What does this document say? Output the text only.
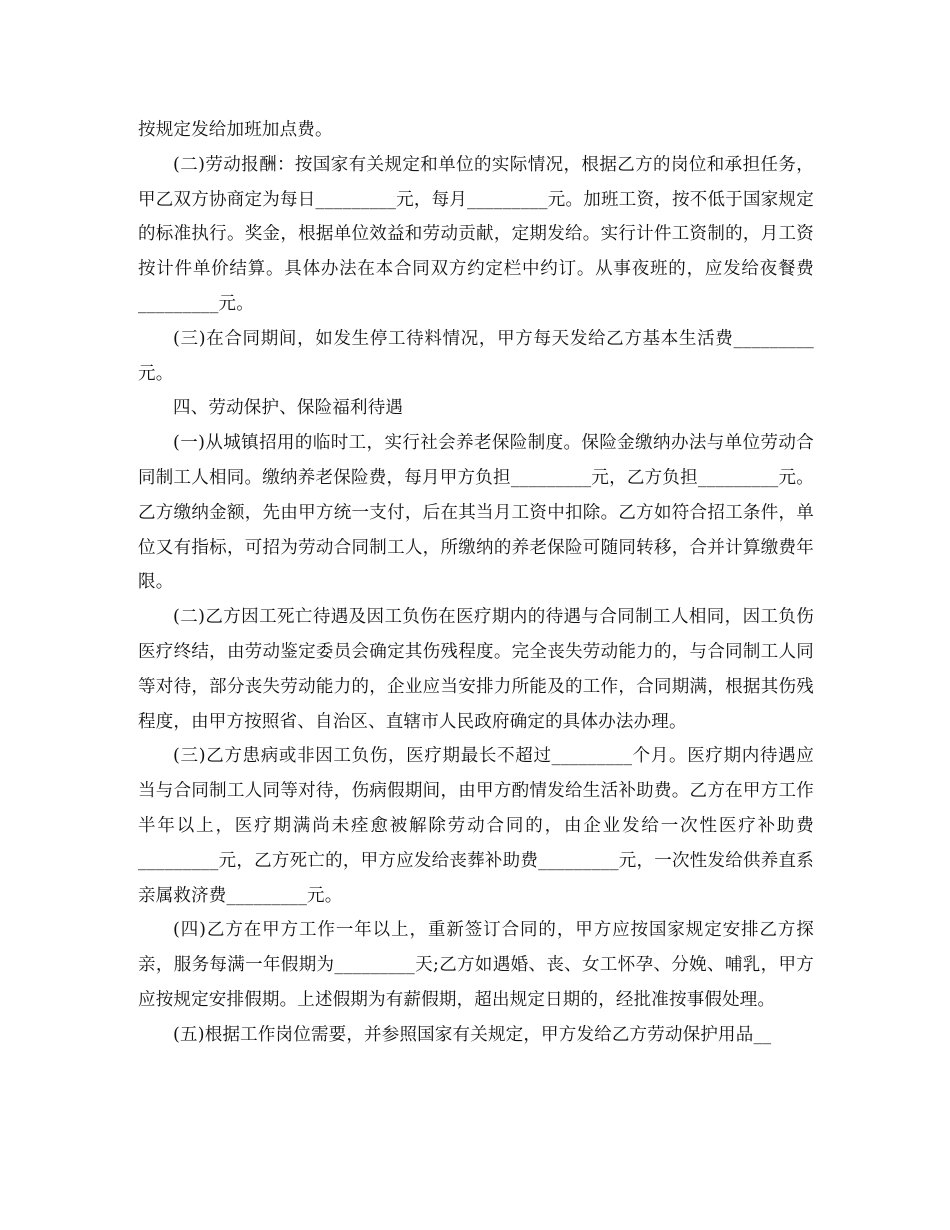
按规定发给加班加点费。

(二)劳动报酬：按国家有关规定和单位的实际情况，根据乙方的岗位和承担任务，甲乙双方协商定为每日_________元，每月_________元。加班工资，按不低于国家规定的标准执行。奖金，根据单位效益和劳动贡献，定期发给。实行计件工资制的，月工资按计件单价结算。具体办法在本合同双方约定栏中约订。从事夜班的，应发给夜餐费_________元。

(三)在合同期间，如发生停工待料情况，甲方每天发给乙方基本生活费_________元。

四、劳动保护、保险福利待遇

(一)从城镇招用的临时工，实行社会养老保险制度。保险金缴纳办法与单位劳动合同制工人相同。缴纳养老保险费，每月甲方负担_________元，乙方负担_________元。乙方缴纳金额，先由甲方统一支付，后在其当月工资中扣除。乙方如符合招工条件，单位又有指标，可招为劳动合同制工人，所缴纳的养老保险可随同转移，合并计算缴费年限。

(二)乙方因工死亡待遇及因工负伤在医疗期内的待遇与合同制工人相同，因工负伤医疗终结，由劳动鉴定委员会确定其伤残程度。完全丧失劳动能力的，与合同制工人同等对待，部分丧失劳动能力的，企业应当安排力所能及的工作，合同期满，根据其伤残程度，由甲方按照省、自治区、直辖市人民政府确定的具体办法办理。

(三)乙方患病或非因工负伤，医疗期最长不超过_________个月。医疗期内待遇应当与合同制工人同等对待，伤病假期间，由甲方酌情发给生活补助费。乙方在甲方工作半年以上，医疗期满尚未痊愈被解除劳动合同的，由企业发给一次性医疗补助费_________元，乙方死亡的，甲方应发给丧葬补助费_________元，一次性发给供养直系亲属救济费_________元。

(四)乙方在甲方工作一年以上，重新签订合同的，甲方应按国家规定安排乙方探亲，服务每满一年假期为_________天;乙方如遇婚、丧、女工怀孕、分娩、哺乳，甲方应按规定安排假期。上述假期为有薪假期，超出规定日期的，经批准按事假处理。

(五)根据工作岗位需要，并参照国家有关规定，甲方发给乙方劳动保护用品__
